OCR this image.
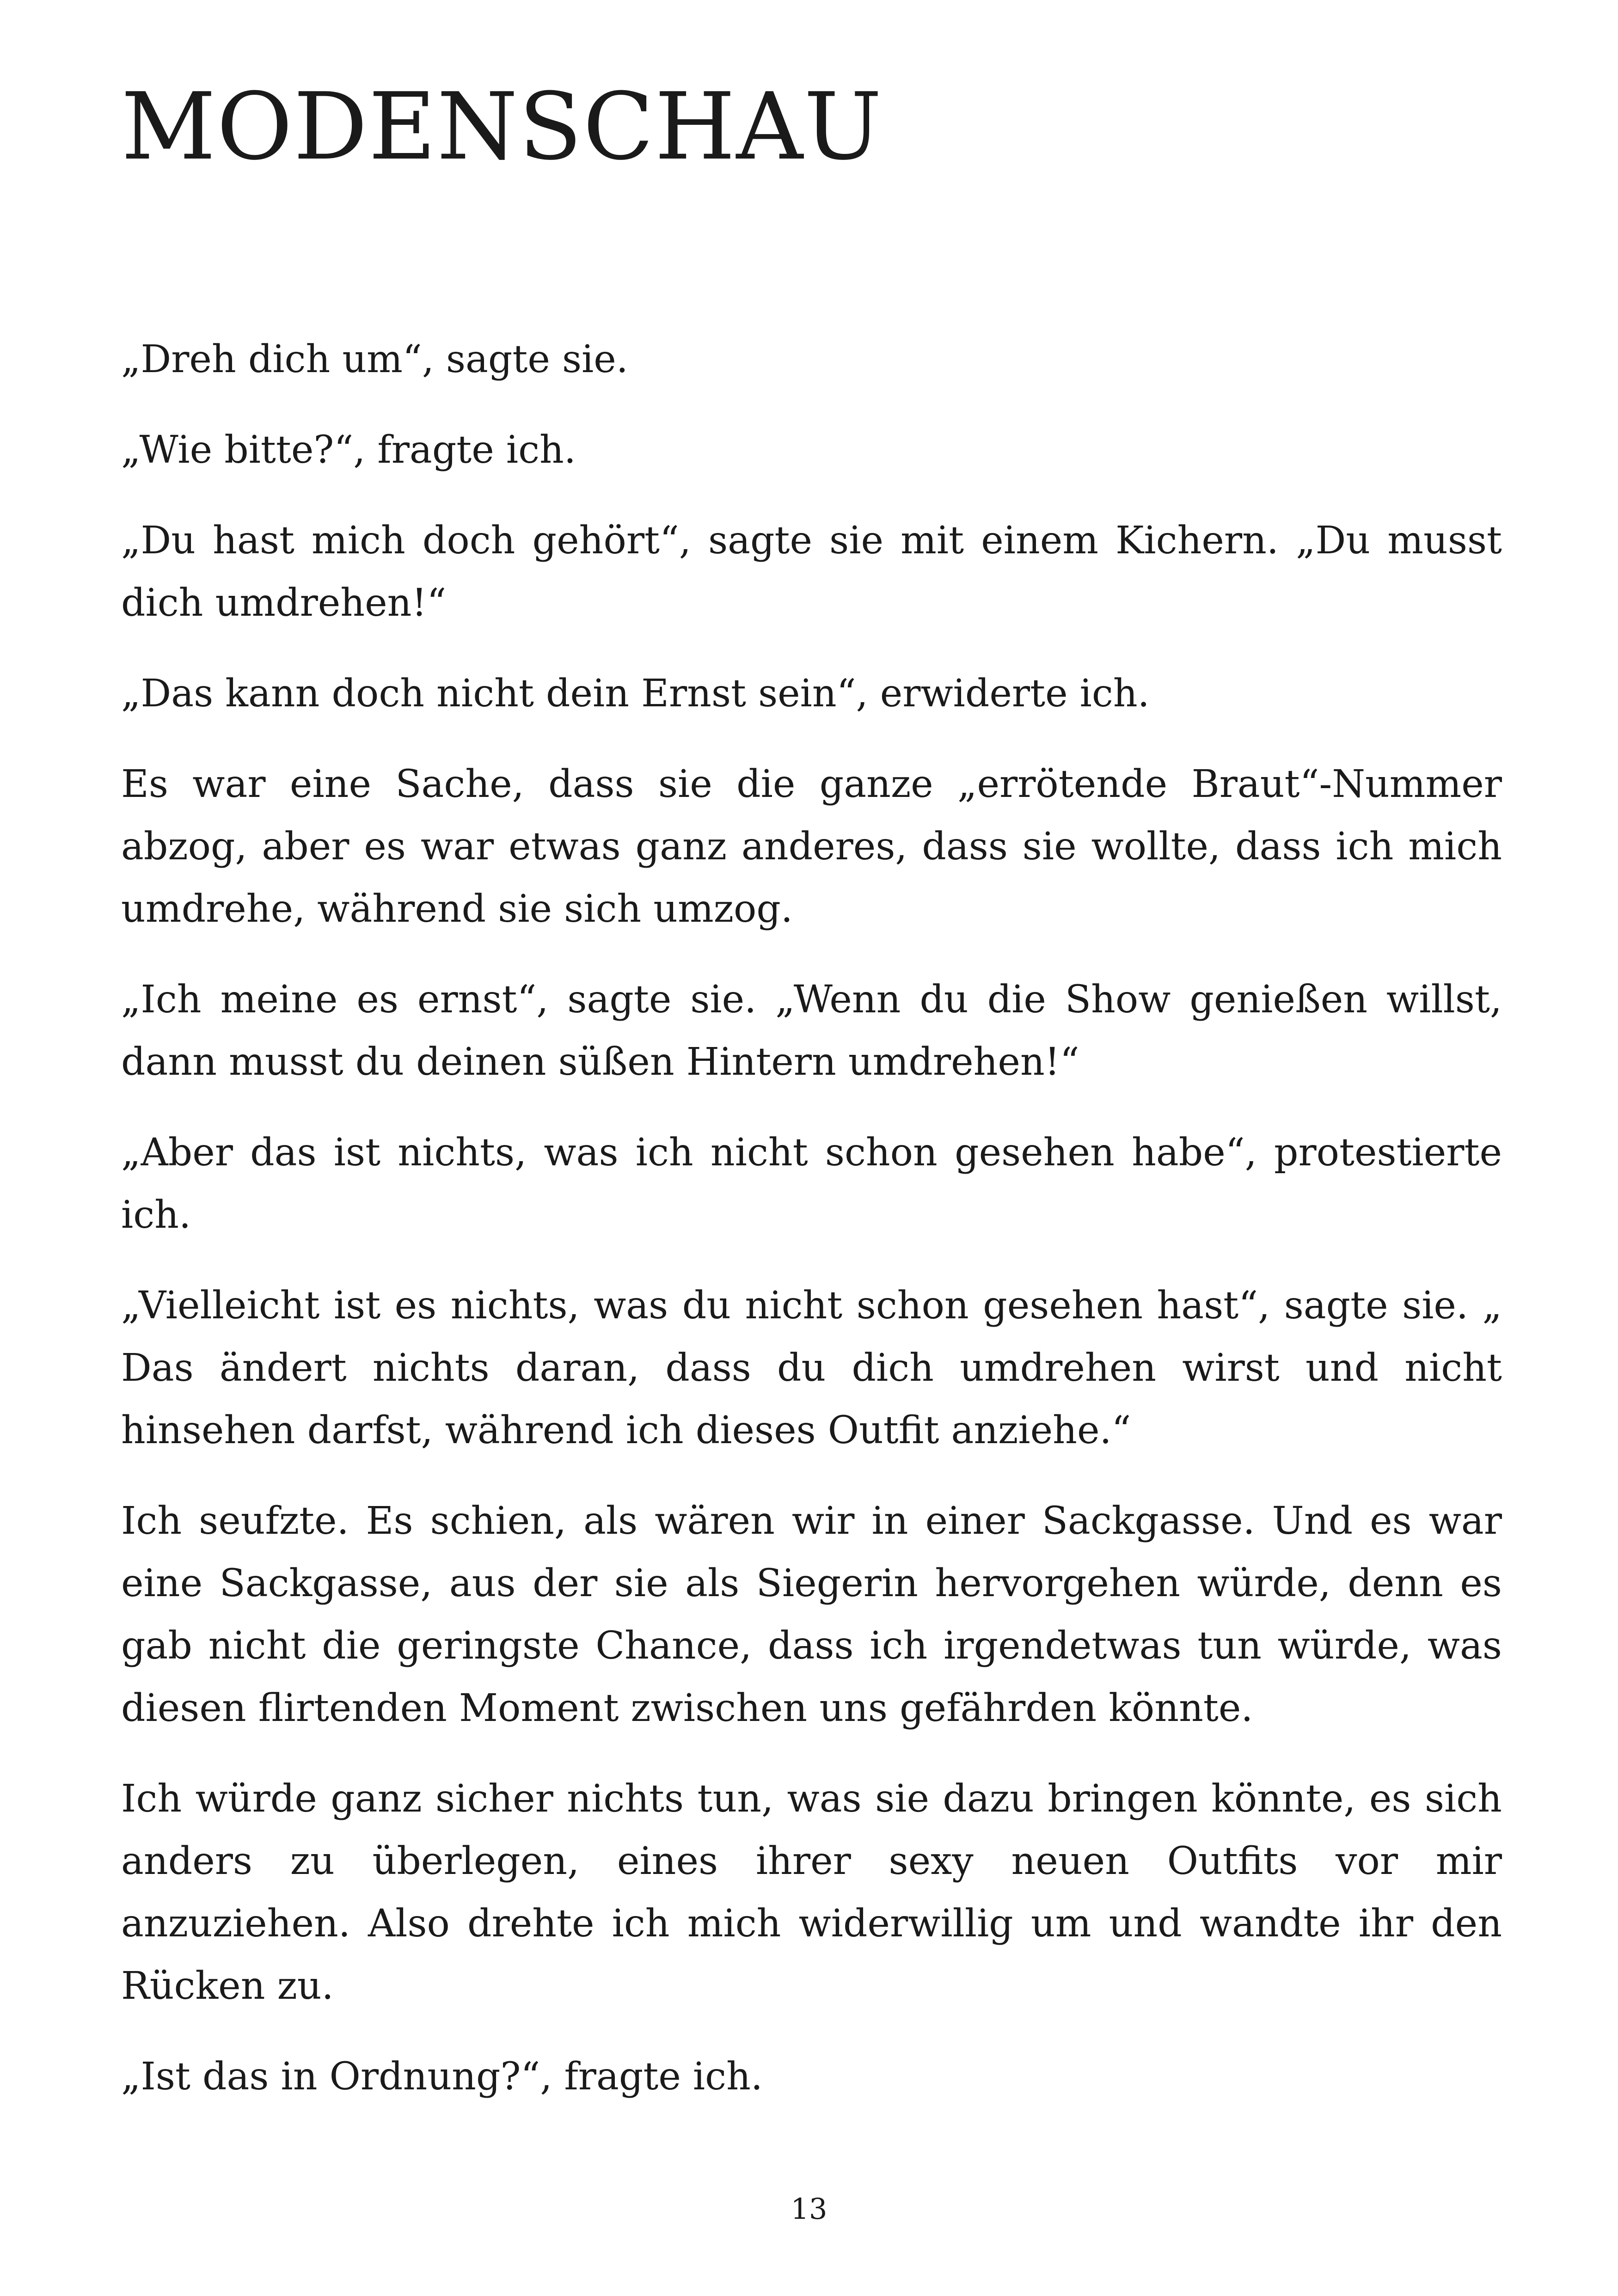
MODENSCHAU

„Dreh dich um“, sagte sie.

„Wie bitte?“, fragte ich.

„Du hast mich doch gehört“, sagte sie mit einem Kichern. „Du musst dich umdrehen!“

„Das kann doch nicht dein Ernst sein“, erwiderte ich.

Es war eine Sache, dass sie die ganze „errötende Braut“-Nummer abzog, aber es war etwas ganz anderes, dass sie wollte, dass ich mich umdrehe, während sie sich umzog.

„Ich meine es ernst“, sagte sie. „Wenn du die Show genießen willst, dann musst du deinen süßen Hintern umdrehen!“

„Aber das ist nichts, was ich nicht schon gesehen habe“, protestierte ich.

„Vielleicht ist es nichts, was du nicht schon gesehen hast“, sagte sie. „ Das ändert nichts daran, dass du dich umdrehen wirst und nicht hinsehen darfst, während ich dieses Outfit anziehe.“

Ich seufzte. Es schien, als wären wir in einer Sackgasse. Und es war eine Sackgasse, aus der sie als Siegerin hervorgehen würde, denn es gab nicht die geringste Chance, dass ich irgendetwas tun würde, was diesen flirtenden Moment zwischen uns gefährden könnte.

Ich würde ganz sicher nichts tun, was sie dazu bringen könnte, es sich anders zu überlegen, eines ihrer sexy neuen Outfits vor mir anzuziehen. Also drehte ich mich widerwillig um und wandte ihr den Rücken zu.

„Ist das in Ordnung?“, fragte ich.

13
